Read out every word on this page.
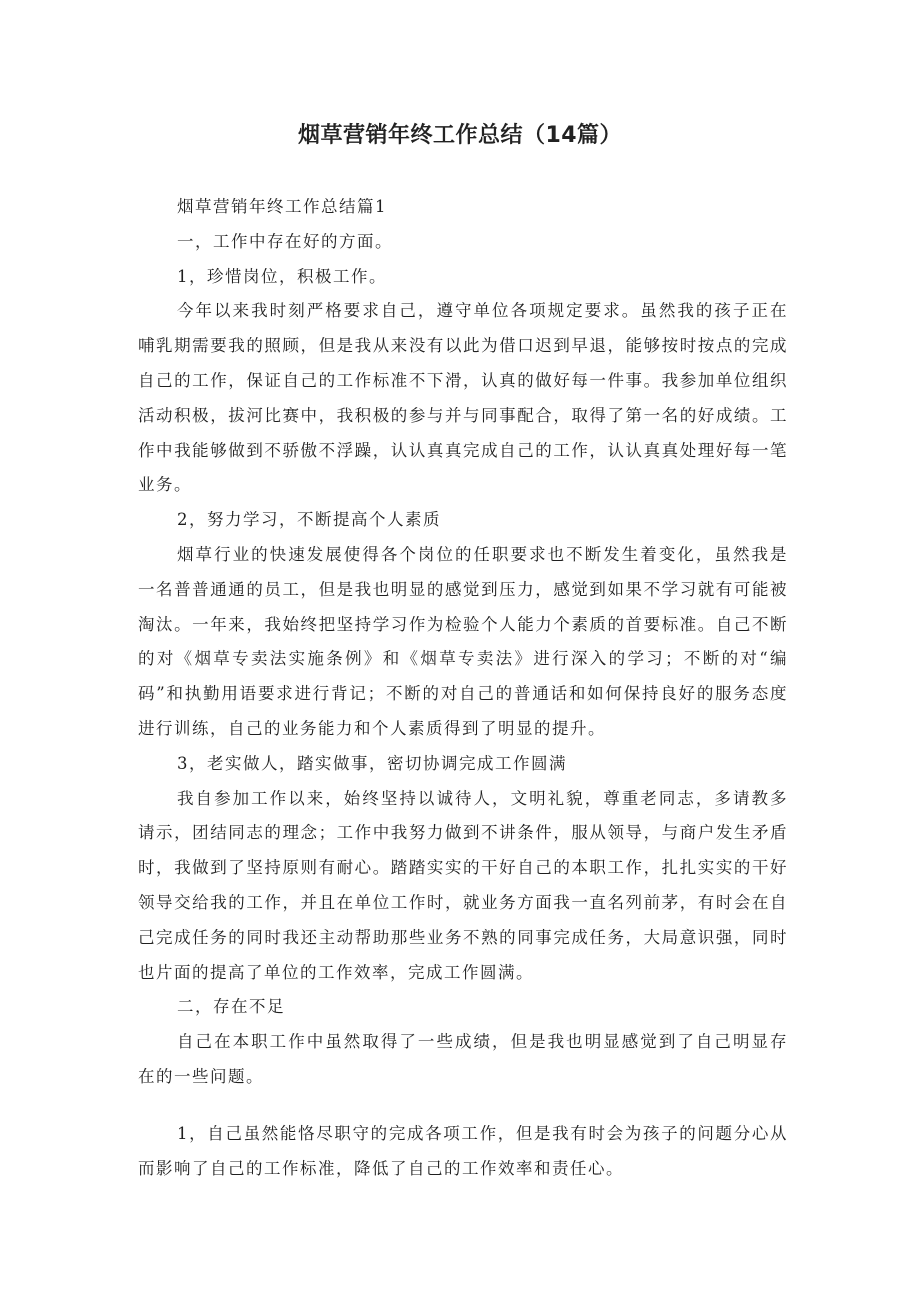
烟草营销年终工作总结（14篇）

烟草营销年终工作总结篇1

一，工作中存在好的方面。

1，珍惜岗位，积极工作。

今年以来我时刻严格要求自己，遵守单位各项规定要求。虽然我的孩子正在哺乳期需要我的照顾，但是我从来没有以此为借口迟到早退，能够按时按点的完成自己的工作，保证自己的工作标准不下滑，认真的做好每一件事。我参加单位组织活动积极，拔河比赛中，我积极的参与并与同事配合，取得了第一名的好成绩。工作中我能够做到不骄傲不浮躁，认认真真完成自己的工作，认认真真处理好每一笔业务。

2，努力学习，不断提高个人素质

烟草行业的快速发展使得各个岗位的任职要求也不断发生着变化，虽然我是一名普普通通的员工，但是我也明显的感觉到压力，感觉到如果不学习就有可能被淘汰。一年来，我始终把坚持学习作为检验个人能力个素质的首要标准。自己不断的对《烟草专卖法实施条例》和《烟草专卖法》进行深入的学习；不断的对“编码”和执勤用语要求进行背记；不断的对自己的普通话和如何保持良好的服务态度进行训练，自己的业务能力和个人素质得到了明显的提升。

3，老实做人，踏实做事，密切协调完成工作圆满

我自参加工作以来，始终坚持以诚待人，文明礼貌，尊重老同志，多请教多请示，团结同志的理念；工作中我努力做到不讲条件，服从领导，与商户发生矛盾时，我做到了坚持原则有耐心。踏踏实实的干好自己的本职工作，扎扎实实的干好领导交给我的工作，并且在单位工作时，就业务方面我一直名列前茅，有时会在自己完成任务的同时我还主动帮助那些业务不熟的同事完成任务，大局意识强，同时也片面的提高了单位的工作效率，完成工作圆满。

二，存在不足

自己在本职工作中虽然取得了一些成绩，但是我也明显感觉到了自己明显存在的一些问题。

1，自己虽然能恪尽职守的完成各项工作，但是我有时会为孩子的问题分心从而影响了自己的工作标准，降低了自己的工作效率和责任心。
